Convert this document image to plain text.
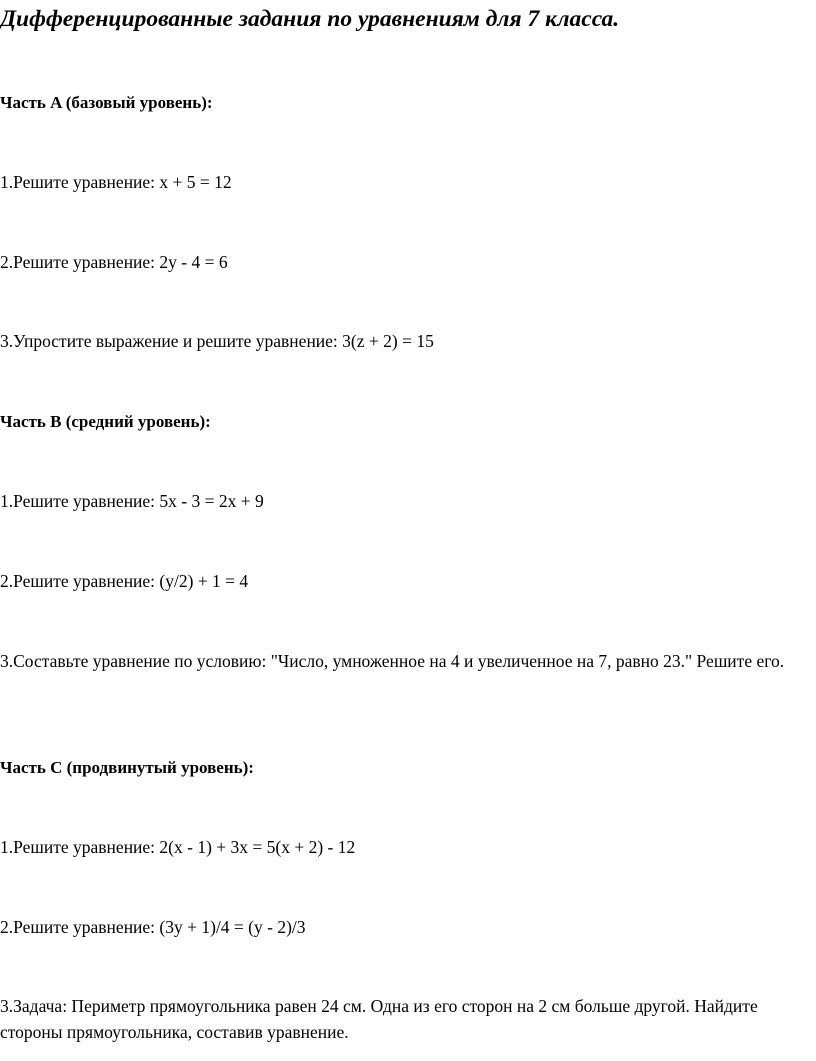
Дифференцированные задания по уравнениям для 7 класса.

Часть A (базовый уровень):

1.Решите уравнение: x + 5 = 12

2.Решите уравнение: 2y - 4 = 6

3.Упростите выражение и решите уравнение: 3(z + 2) = 15

Часть B (средний уровень):

1.Решите уравнение: 5x - 3 = 2x + 9

2.Решите уравнение: (y/2) + 1 = 4

3.Составьте уравнение по условию: "Число, умноженное на 4 и увеличенное на 7, равно 23." Решите его.

Часть C (продвинутый уровень):

1.Решите уравнение: 2(x - 1) + 3x = 5(x + 2) - 12

2.Решите уравнение: (3y + 1)/4 = (y - 2)/3

3.Задача: Периметр прямоугольника равен 24 см. Одна из его сторон на 2 см больше другой. Найдите стороны прямоугольника, составив уравнение.
